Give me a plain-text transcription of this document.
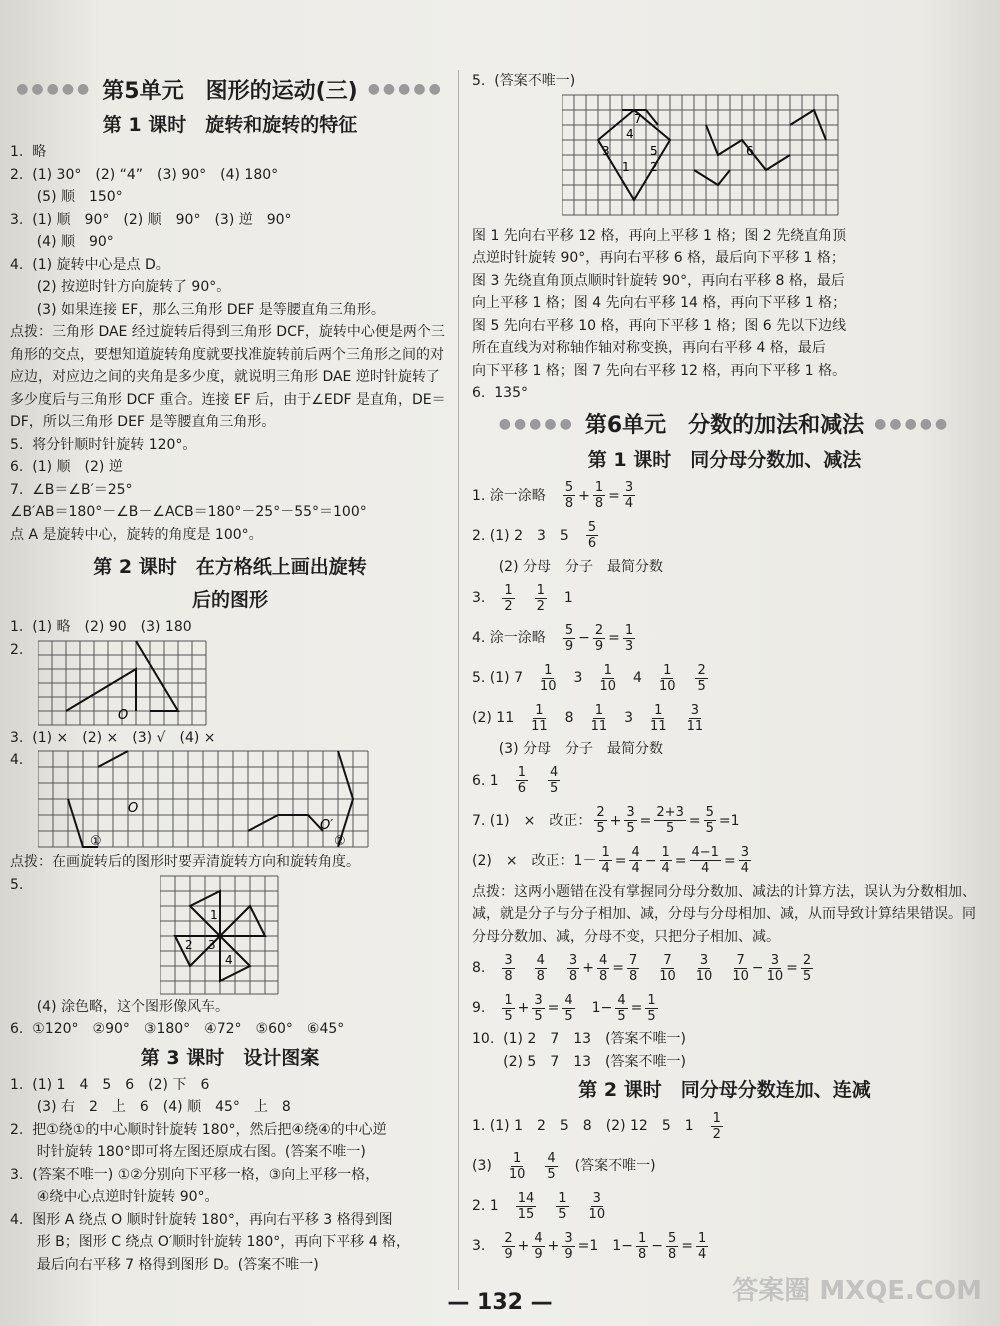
●●●●● 第5单元　图形的运动(三) ●●●●●
第 1 课时　旋转和旋转的特征
1.  略
2.  (1) 30°　(2) “4”　(3) 90°　(4) 180°
(5) 顺　150°
3.  (1) 顺　90°　(2) 顺　90°　(3) 逆　90°
(4) 顺　90°
4.  (1) 旋转中心是点 D。
(2) 按逆时针方向旋转了 90°。
(3) 如果连接 EF，那么三角形 DEF 是等腰直角三角形。
点拨：三角形 DAE 经过旋转后得到三角形 DCF，旋转中心便是两个三角形的交点，要想知道旋转角度就要找准旋转前后两个三角形之间的对应边，对应边之间的夹角是多少度，就说明三角形 DAE 逆时针旋转了多少度后与三角形 DCF 重合。连接 EF 后，由于∠EDF 是直角，DE＝DF，所以三角形 DEF 是等腰直角三角形。
5.  将分针顺时针旋转 120°。
6.  (1) 顺　(2) 逆
7.  ∠B＝∠B′＝25°
∠B′AB＝180°－∠B－∠ACB＝180°－25°－55°＝100°
点 A 是旋转中心，旋转的角度是 100°。
第 2 课时　在方格纸上画出旋转
后的图形
1.  (1) 略　(2) 90　(3) 180
2.
O
3.  (1) ×　(2) ×　(3) √　(4) ×
4.
O
O′
①	②
点拨：在画旋转后的图形时要弄清旋转方向和旋转角度。
5.
1
2 3
4
(4) 涂色略，这个图形像风车。
6.  ①120°　②90°　③180°　④72°　⑤60°　⑥45°
第 3 课时　设计图案
1.  (1) 1　4　5　6　(2) 下　6
(3) 右　2　上　6　(4) 顺　45°　上　8
2.  把①绕①的中心顺时针旋转 180°，然后把④绕④的中心逆
时针旋转 180°即可将左图还原成右图。(答案不唯一)
3.  (答案不唯一) ①②分别向下平移一格，③向上平移一格，
④绕中心点逆时针旋转 90°。
4.  图形 A 绕点 O 顺时针旋转 180°，再向右平移 3 格得到图
形 B；图形 C 绕点 O′顺时针旋转 180°，再向下平移 4 格，
最后向右平移 7 格得到图形 D。(答案不唯一)
5.  (答案不唯一)
1 2
3
4
5	6
7
图 1 先向右平移 12 格，再向上平移 1 格；图 2 先绕直角顶
点逆时针旋转 90°，再向右平移 6 格，最后向下平移 1 格；
图 3 先绕直角顶点顺时针旋转 90°，再向右平移 8 格，最后
向上平移 1 格；图 4 先向右平移 14 格，再向下平移 1 格；
图 5 先向右平移 10 格，再向下平移 1 格；图 6 先以下边线
所在直线为对称轴作轴对称变换，再向右平移 4 格，最后
向下平移 1 格；图 7 先向右平移 12 格，再向下平移 1 格。
6.  135°
●●●●● 第6单元　分数的加法和减法 ●●●●●
第 1 课时　同分母分数加、减法
1. 涂一涂略　 $\frac{5}{8} + \frac{1}{8} = \frac{3}{4}$
2. (1) 2　3　5　 $\frac{5}{6}$
(2) 分母　分子　最简分数
3.　 $\frac{1}{2}$
　 $\frac{1}{2}$ 　1
4. 涂一涂略　 $\frac{5}{9} - \frac{2}{9} = \frac{1}{3}$
5. (1) 7　 $\frac{1}{10}$ 　3　 $\frac{1}{10}$ 　4　 $\frac{1}{10}$
　 $\frac{2}{5}$
(2) 11　 $\frac{1}{11}$ 　8　 $\frac{1}{11}$ 　3　 $\frac{1}{11}$
　 $\frac{3}{11}$
(3) 分母　分子　最简分数
6. 1　 $\frac{1}{6}$
　 $\frac{4}{5}$
7. (1)　×　改正： $\frac{2}{5} + \frac{3}{5} = \frac{2+3}{5} = \frac{5}{5} =1$
(2)　×　改正：$1- \frac{1}{4} = \frac{4}{4} - \frac{1}{4} = \frac{4-1}{4} = \frac{3}{4}$
点拨：这两小题错在没有掌握同分母分数加、减法的计算方法，误认为分数相加、减，就是分子与分子相加、减，分母与分母相加、减，从而导致计算结果错误。同分母分数加、减，分母不变，只把分子相加、减。
8.　 $\frac{3}{8}$
　 $\frac{4}{8}$
　 $\frac{3}{8} + \frac{4}{8} = \frac{7}{8}$
　 $\frac{7}{10}$
　 $\frac{3}{10}$
　 $\frac{7}{10} - \frac{3}{10} = \frac{2}{5}$
9.　 $\frac{1}{5} + \frac{3}{5} = \frac{4}{5}$ 　$1- \frac{4}{5} = \frac{1}{5}$
10.  (1) 2　7　13　(答案不唯一)
(2) 5　7　13　(答案不唯一)
第 2 课时　同分母分数连加、连减
1. (1) 1　2　5　8　(2) 12　5　1　 $\frac{1}{2}$
(3)　 $\frac{1}{10}$
　 $\frac{4}{5}$
　 (答案不唯一)
2. 1　 $\frac{14}{15}$
　 $\frac{1}{5}$
　 $\frac{3}{10}$
3.　 $\frac{2}{9} + \frac{4}{9} + \frac{3}{9} =1$　$1- \frac{1}{8} - \frac{5}{8} = \frac{1}{4}$
— 132 —	答案圈 MXQE.COM
